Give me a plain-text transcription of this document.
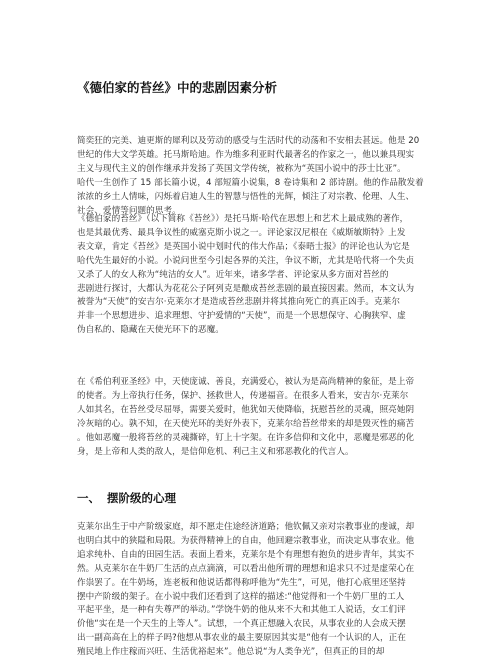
《德伯家的苔丝》中的悲剧因素分析
简奕狂的完美、迪更斯的犀利以及劳动的感受与生活时代的动荡和不安相去甚远。他是 20
世纪的伟大文学英雄。托马斯哈迪。作为维多利亚时代最著名的作家之一，他以兼具现实
主义与现代主义的创作继承并发扬了英国文学传统，被称为“英国小说中的莎士比亚”。
哈代一生创作了 15 部长篇小说，4 部短篇小说集，8 卷诗集和 2 部诗剧。他的作品散发着
浓浓的乡土人情味，闪烁着启迪人生的智慧与悟性的光辉，倾注了对宗教、伦理、人生、
社会、爱情等问题的思考。
《德伯家的苔丝》（以下简称《苔丝》）是托马斯·哈代在思想上和艺术上最成熟的著作，
也是其最优秀、最具争议性的威塞克斯小说之一。评论家汉尼根在《威斯敏斯特》上发
表文章，肯定《苔丝》是英国小说中划时代的伟大作品；《泰晤士报》的评论也认为它是
哈代先生最好的小说。小说问世至今引起各界的关注，争议不断，尤其是哈代将一个失贞
又杀了人的女人称为“纯洁的女人”。近年来，诸多学者、评论家从多方面对苔丝的
悲剧进行探讨，大都认为花花公子阿列克是酿成苔丝悲剧的最直接因素。然而，本文认为
被誉为“天使”的安吉尔·克莱尔才是造成苔丝悲剧并将其推向死亡的真正凶手。克莱尔
并非一个思想进步、追求理想、守护爱情的“天使”，而是一个思想保守、心胸狭窄、虚
伪自私的、隐藏在天使光环下的恶魔。
在《希伯利亚圣经》中，天使庞诚、善良，充满爱心，被认为是高尚精神的象征，是上帝
的使者。为上帝执行任务，保护、拯救世人，传递福音。在很多人看来，安吉尔·克莱尔
人如其名，在苔丝受尽屈辱，需要关爱时，他犹如天使降临，抚慰苔丝的灵魂，照亮她阴
冷灰暗的心。孰不知，在天使光环的美好外表下，克莱尔给苔丝带来的却是毁灭性的痛苦
。他如恶魔一般将苔丝的灵魂撕碎，钉上十字架。在许多信仰和文化中，恶魔是邪恶的化
身，是上帝和人类的敌人，是信仰危机、利己主义和邪恶教化的代言人。
一、 摆阶级的心理
克莱尔出生于中产阶级家庭，却不愿走住途经济道路；他钦佩又亲对宗教事业的虔诚，却
也明白其中的狭隘和局限。为获得精神上的自由，他回避宗教事业，而决定从事农业。他
追求纯朴、自由的田园生活。表面上看来，克莱尔是个有理想有抱负的进步青年，其实不
然。从克莱尔在牛奶厂生活的点点滴滴，可以看出他所谓的理想和追求只不过是虚荣心在
作祟罢了。在牛奶场，连老板和他说话都得称呼他为“先生”，可见，他打心底里还坚持
摆中产阶级的架子。在小说中我们还看到了这样的描述:“他觉得和一个牛奶厂里的工人
平起平坐，是一种有失尊严的举动。”学饶牛奶的他从来不大和其他工人说话，女工们评
价他“实在是一个天生的上等人”。试想，一个真正想融入农民，从事农业的人会成天摆
出一副高高在上的样子吗?他想从事农业的最主要原因其实是“他有一个认识的人，正在
殖民地上作庄稼而兴旺、生活优裕起来”。他总说“为人类争光”，但真正的目的却
